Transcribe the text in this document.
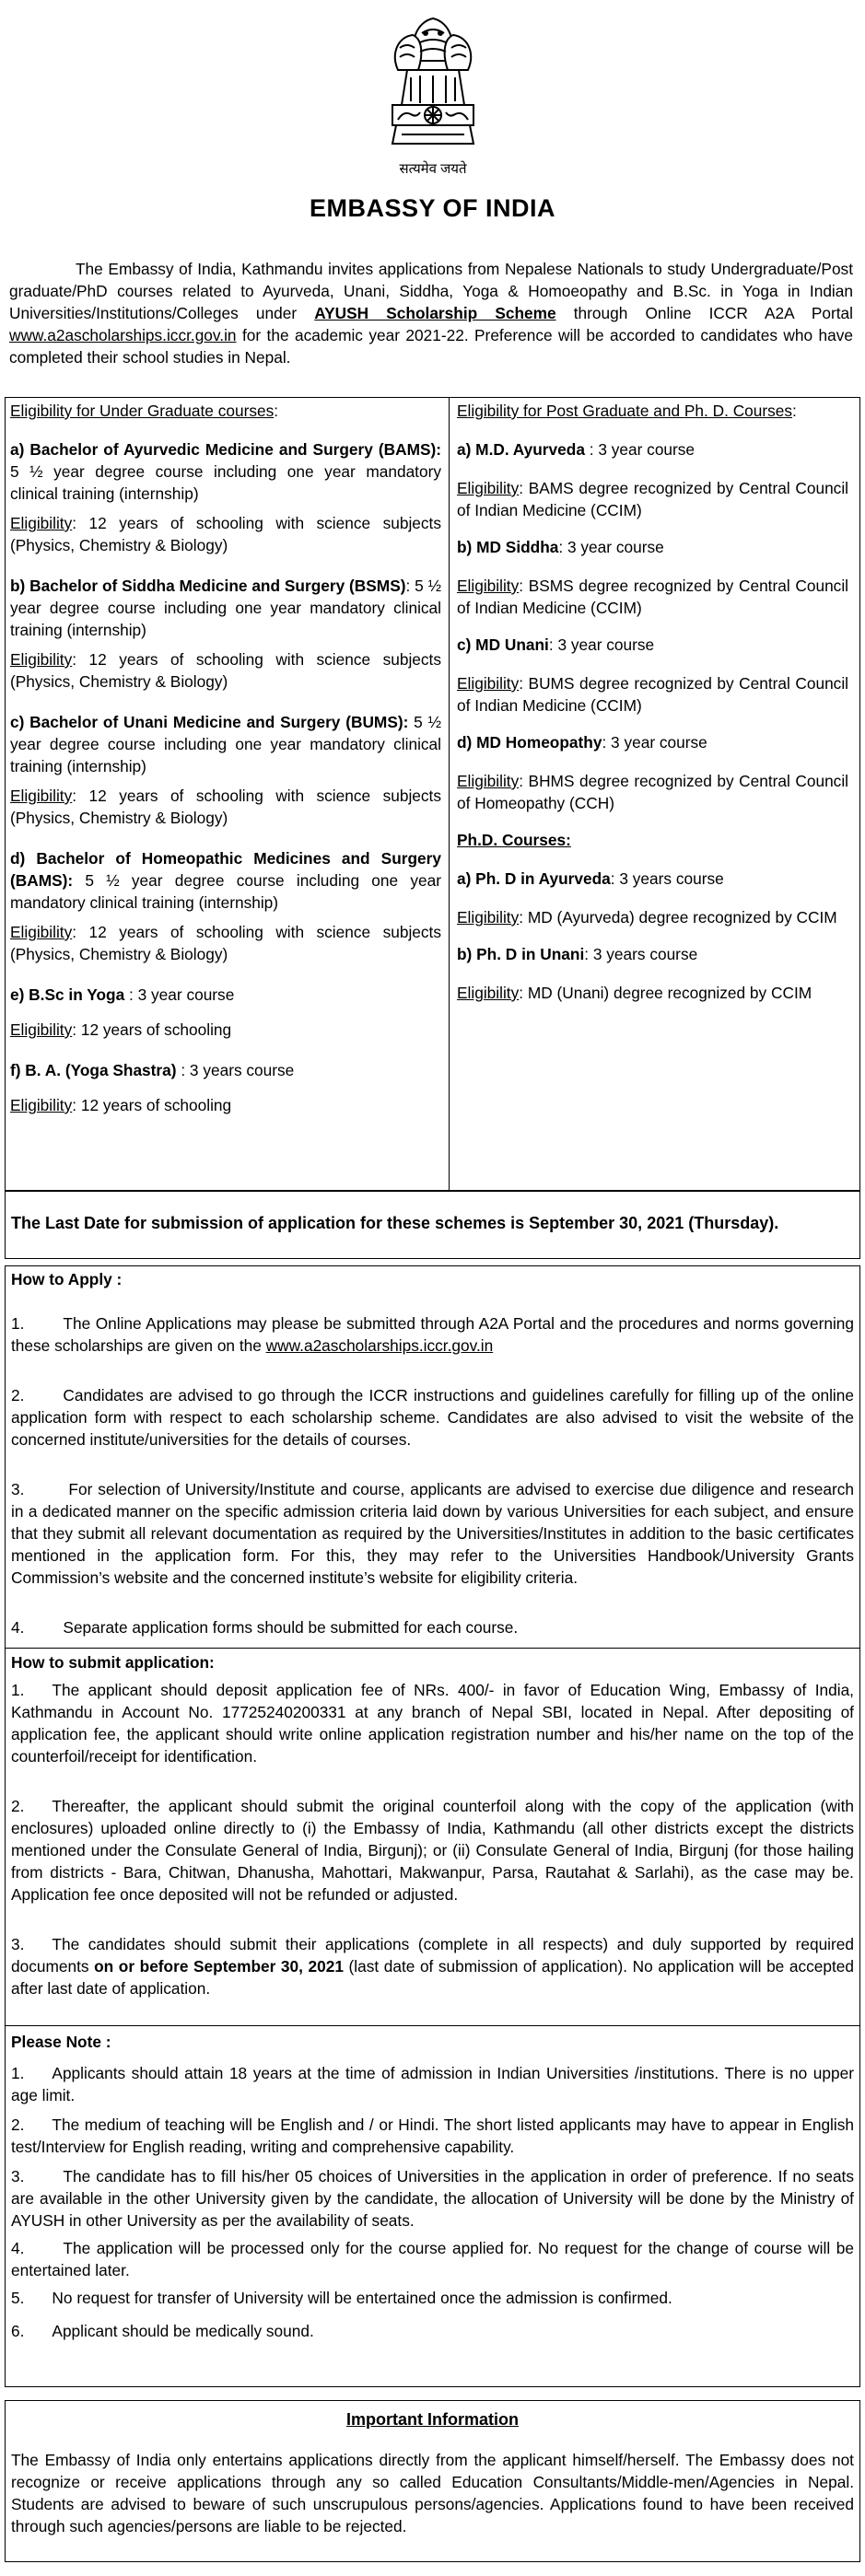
सत्यमेव जयते
EMBASSY OF INDIA
The Embassy of India, Kathmandu invites applications from Nepalese Nationals to study Undergraduate/Post graduate/PhD courses related to Ayurveda, Unani, Siddha, Yoga & Homoeopathy and B.Sc. in Yoga in Indian Universities/Institutions/Colleges under AYUSH Scholarship Scheme through Online ICCR A2A Portal www.a2ascholarships.iccr.gov.in for the academic year 2021-22. Preference will be accorded to candidates who have completed their school studies in Nepal.

Eligibility for Under Graduate courses:

a) Bachelor of Ayurvedic Medicine and Surgery (BAMS): 5 ½ year degree course including one year mandatory clinical training (internship)

Eligibility: 12 years of schooling with science subjects (Physics, Chemistry & Biology)

b) Bachelor of Siddha Medicine and Surgery (BSMS): 5 ½ year degree course including one year mandatory clinical training (internship)

Eligibility: 12 years of schooling with science subjects (Physics, Chemistry & Biology)

c) Bachelor of Unani Medicine and Surgery (BUMS): 5 ½ year degree course including one year mandatory clinical training (internship)

Eligibility: 12 years of schooling with science subjects (Physics, Chemistry & Biology)

d) Bachelor of Homeopathic Medicines and Surgery (BAMS): 5 ½ year degree course including one year mandatory clinical training (internship)

Eligibility: 12 years of schooling with science subjects (Physics, Chemistry & Biology)

e) B.Sc in Yoga : 3 year course

Eligibility: 12 years of schooling

f) B. A. (Yoga Shastra) : 3 years course

Eligibility: 12 years of schooling

Eligibility for Post Graduate and Ph. D. Courses:

a) M.D. Ayurveda : 3 year course

Eligibility: BAMS degree recognized by Central Council of Indian Medicine (CCIM)

b) MD Siddha: 3 year course

Eligibility: BSMS degree recognized by Central Council of Indian Medicine (CCIM)

c) MD Unani: 3 year course

Eligibility: BUMS degree recognized by Central Council of Indian Medicine (CCIM)

d) MD Homeopathy: 3 year course

Eligibility: BHMS degree recognized by Central Council of Homeopathy (CCH)

Ph.D. Courses:

a) Ph. D in Ayurveda: 3 years course

Eligibility: MD (Ayurveda) degree recognized by CCIM

b) Ph. D in Unani: 3 years course

Eligibility: MD (Unani) degree recognized by CCIM

The Last Date for submission of application for these schemes is September 30, 2021 (Thursday).
How to Apply :
1. The Online Applications may please be submitted through A2A Portal and the procedures and norms governing these scholarships are given on the www.a2ascholarships.iccr.gov.in
2. Candidates are advised to go through the ICCR instructions and guidelines carefully for filling up of the online application form with respect to each scholarship scheme. Candidates are also advised to visit the website of the concerned institute/universities for the details of courses.
3.	For selection of University/Institute and course, applicants are advised to exercise due diligence and research in a dedicated manner on the specific admission criteria laid down by various Universities for each subject, and ensure that they submit all relevant documentation as required by the Universities/Institutes in addition to the basic certificates mentioned in the application form. For this, they may refer to the Universities Handbook/University Grants Commission’s website and the concerned institute’s website for eligibility criteria.
4. Separate application forms should be submitted for each course.
How to submit application:
1. The applicant should deposit application fee of NRs. 400/- in favor of Education Wing, Embassy of India, Kathmandu in Account No. 17725240200331 at any branch of Nepal SBI, located in Nepal. After depositing of application fee, the applicant should write online application registration number and his/her name on the top of the counterfoil/receipt for identification.
2. Thereafter, the applicant should submit the original counterfoil along with the copy of the application (with enclosures) uploaded online directly to (i) the Embassy of India, Kathmandu (all other districts except the districts mentioned under the Consulate General of India, Birgunj); or (ii) Consulate General of India, Birgunj (for those hailing from districts - Bara, Chitwan, Dhanusha, Mahottari, Makwanpur, Parsa, Rautahat & Sarlahi), as the case may be. Application fee once deposited will not be refunded or adjusted.
3. The candidates should submit their applications (complete in all respects) and duly supported by required documents on or before September 30, 2021 (last date of submission of application). No application will be accepted after last date of application.
Please Note :
1. Applicants should attain 18 years at the time of admission in Indian Universities /institutions. There is no upper age limit.
2. The medium of teaching will be English and / or Hindi. The short listed applicants may have to appear in English test/Interview for English reading, writing and comprehensive capability.
3. The candidate has to fill his/her 05 choices of Universities in the application in order of preference. If no seats are available in the other University given by the candidate, the allocation of University will be done by the Ministry of AYUSH in other University as per the availability of seats.
4. The application will be processed only for the course applied for. No request for the change of course will be entertained later.
5. No request for transfer of University will be entertained once the admission is confirmed.
6. Applicant should be medically sound.
Important Information
The Embassy of India only entertains applications directly from the applicant himself/herself. The Embassy does not recognize or receive applications through any so called Education Consultants/Middle-men/Agencies in Nepal. Students are advised to beware of such unscrupulous persons/agencies. Applications found to have been received through such agencies/persons are liable to be rejected.
